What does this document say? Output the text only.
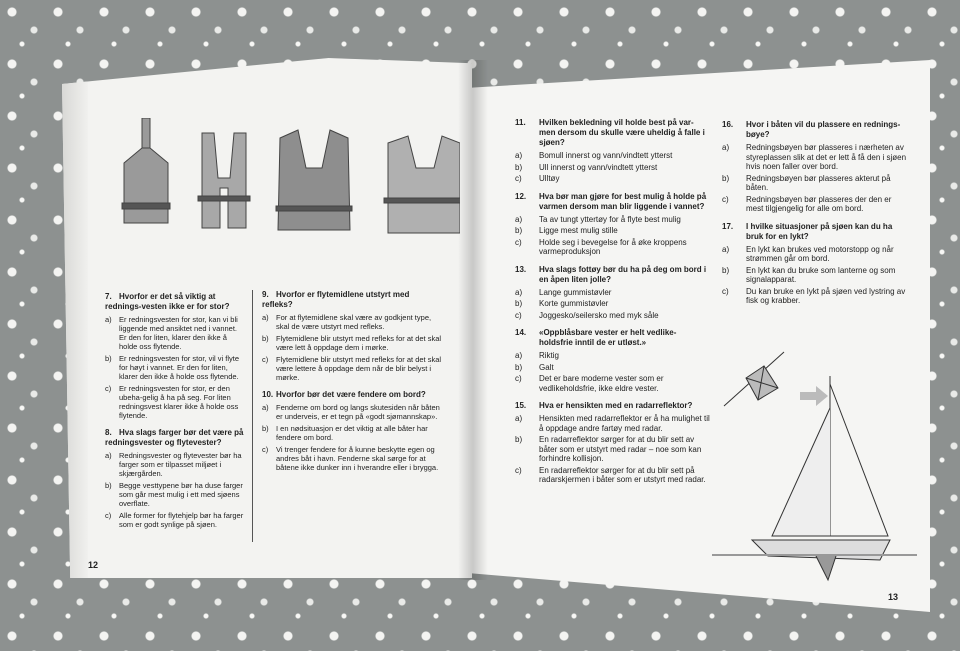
7. Hvorfor er det så viktig at rednings-vesten ikke er for stor?
a) Er redningsvesten for stor, kan vi bli liggende med ansiktet ned i vannet. Er den for liten, klarer den ikke å holde oss flytende.
b) Er redningsvesten for stor, vil vi flyte for høyt i vannet. Er den for liten, klarer den ikke å holde oss flytende.
c)	Er redningsvesten for stor, er den ubeha-gelig å ha på seg. For liten redningsvest klarer ikke å holde oss flytende.
8. Hva slags farger bør det være på redningsvester og flytevester?
a) Redningsvester og flytevester bør ha farger som er tilpasset miljøet i skjærgården.
b) Begge vesttypene bør ha duse farger som går mest mulig i ett med sjøens overflate.
c)	Alle former for flytehjelp bør ha farger som er godt synlige på sjøen.
9. Hvorfor er flytemidlene utstyrt med refleks?
a) For at flytemidlene skal være av godkjent type, skal de være utstyrt med refleks.
b) Flytemidlene blir utstyrt med refleks for at det skal være lett å oppdage dem i mørke.
c)	Flytemidlene blir utstyrt med refleks for at det skal være lettere å oppdage dem når de blir belyst i mørke.
10. Hvorfor bør det være fendere om bord?
a) Fenderne om bord og langs skutesiden når båten er underveis, er et tegn på «godt sjømannskap».
b) I en nødsituasjon er det viktig at alle båter har fendere om bord.
c)	Vi trenger fendere for å kunne beskytte egen og andres båt i havn. Fenderne skal sørge for at båtene ikke dunker inn i hverandre eller i brygga.
12
11.	Hvilken bekledning vil holde best på var-men dersom du skulle være uheldig å falle i sjøen?
a)	Bomull innerst og vann/vindtett ytterst
b)	Ull innerst og vann/vindtett ytterst
c)	Ulltøy
12.	Hva bør man gjøre for best mulig å holde på varmen dersom man blir liggende i vannet?
a)	Ta av tungt yttertøy for å flyte best mulig
b)	Ligge mest mulig stille
c)	Holde seg i bevegelse for å øke kroppens varmeproduksjon
13.	Hva slags fottøy bør du ha på deg om bord i en åpen liten jolle?
a)	Lange gummistøvler
b)	Korte gummistøvler
c)	Joggesko/seilersko med myk såle
14.	«Oppblåsbare vester er helt vedlike-holdsfrie inntil de er utløst.»
a)	Riktig
b)	Galt
c)	Det er bare moderne vester som er vedlikeholdsfrie, ikke eldre vester.
15.	Hva er hensikten med en radarreflektor?
a)	Hensikten med radarreflektor er å ha mulighet til å oppdage andre fartøy med radar.
b)	En radarreflektor sørger for at du blir sett av båter som er utstyrt med radar – noe som kan forhindre kollisjon.
c)	En radarreflektor sørger for at du blir sett på radarskjermen i båter som er utstyrt med radar.
16.	Hvor i båten vil du plassere en rednings-bøye?
a)	Redningsbøyen bør plasseres i nærheten av styreplassen slik at det er lett å få den i sjøen hvis noen faller over bord.
b)	Redningsbøyen bør plasseres akterut på båten.
c)	Redningsbøyen bør plasseres der den er mest tilgjengelig for alle om bord.
17.	I hvilke situasjoner på sjøen kan du ha bruk for en lykt?
a)	En lykt kan brukes ved motorstopp og når strømmen går om bord.
b)	En lykt kan du bruke som lanterne og som signalapparat.
c)	Du kan bruke en lykt på sjøen ved lystring av fisk og krabber.
13
